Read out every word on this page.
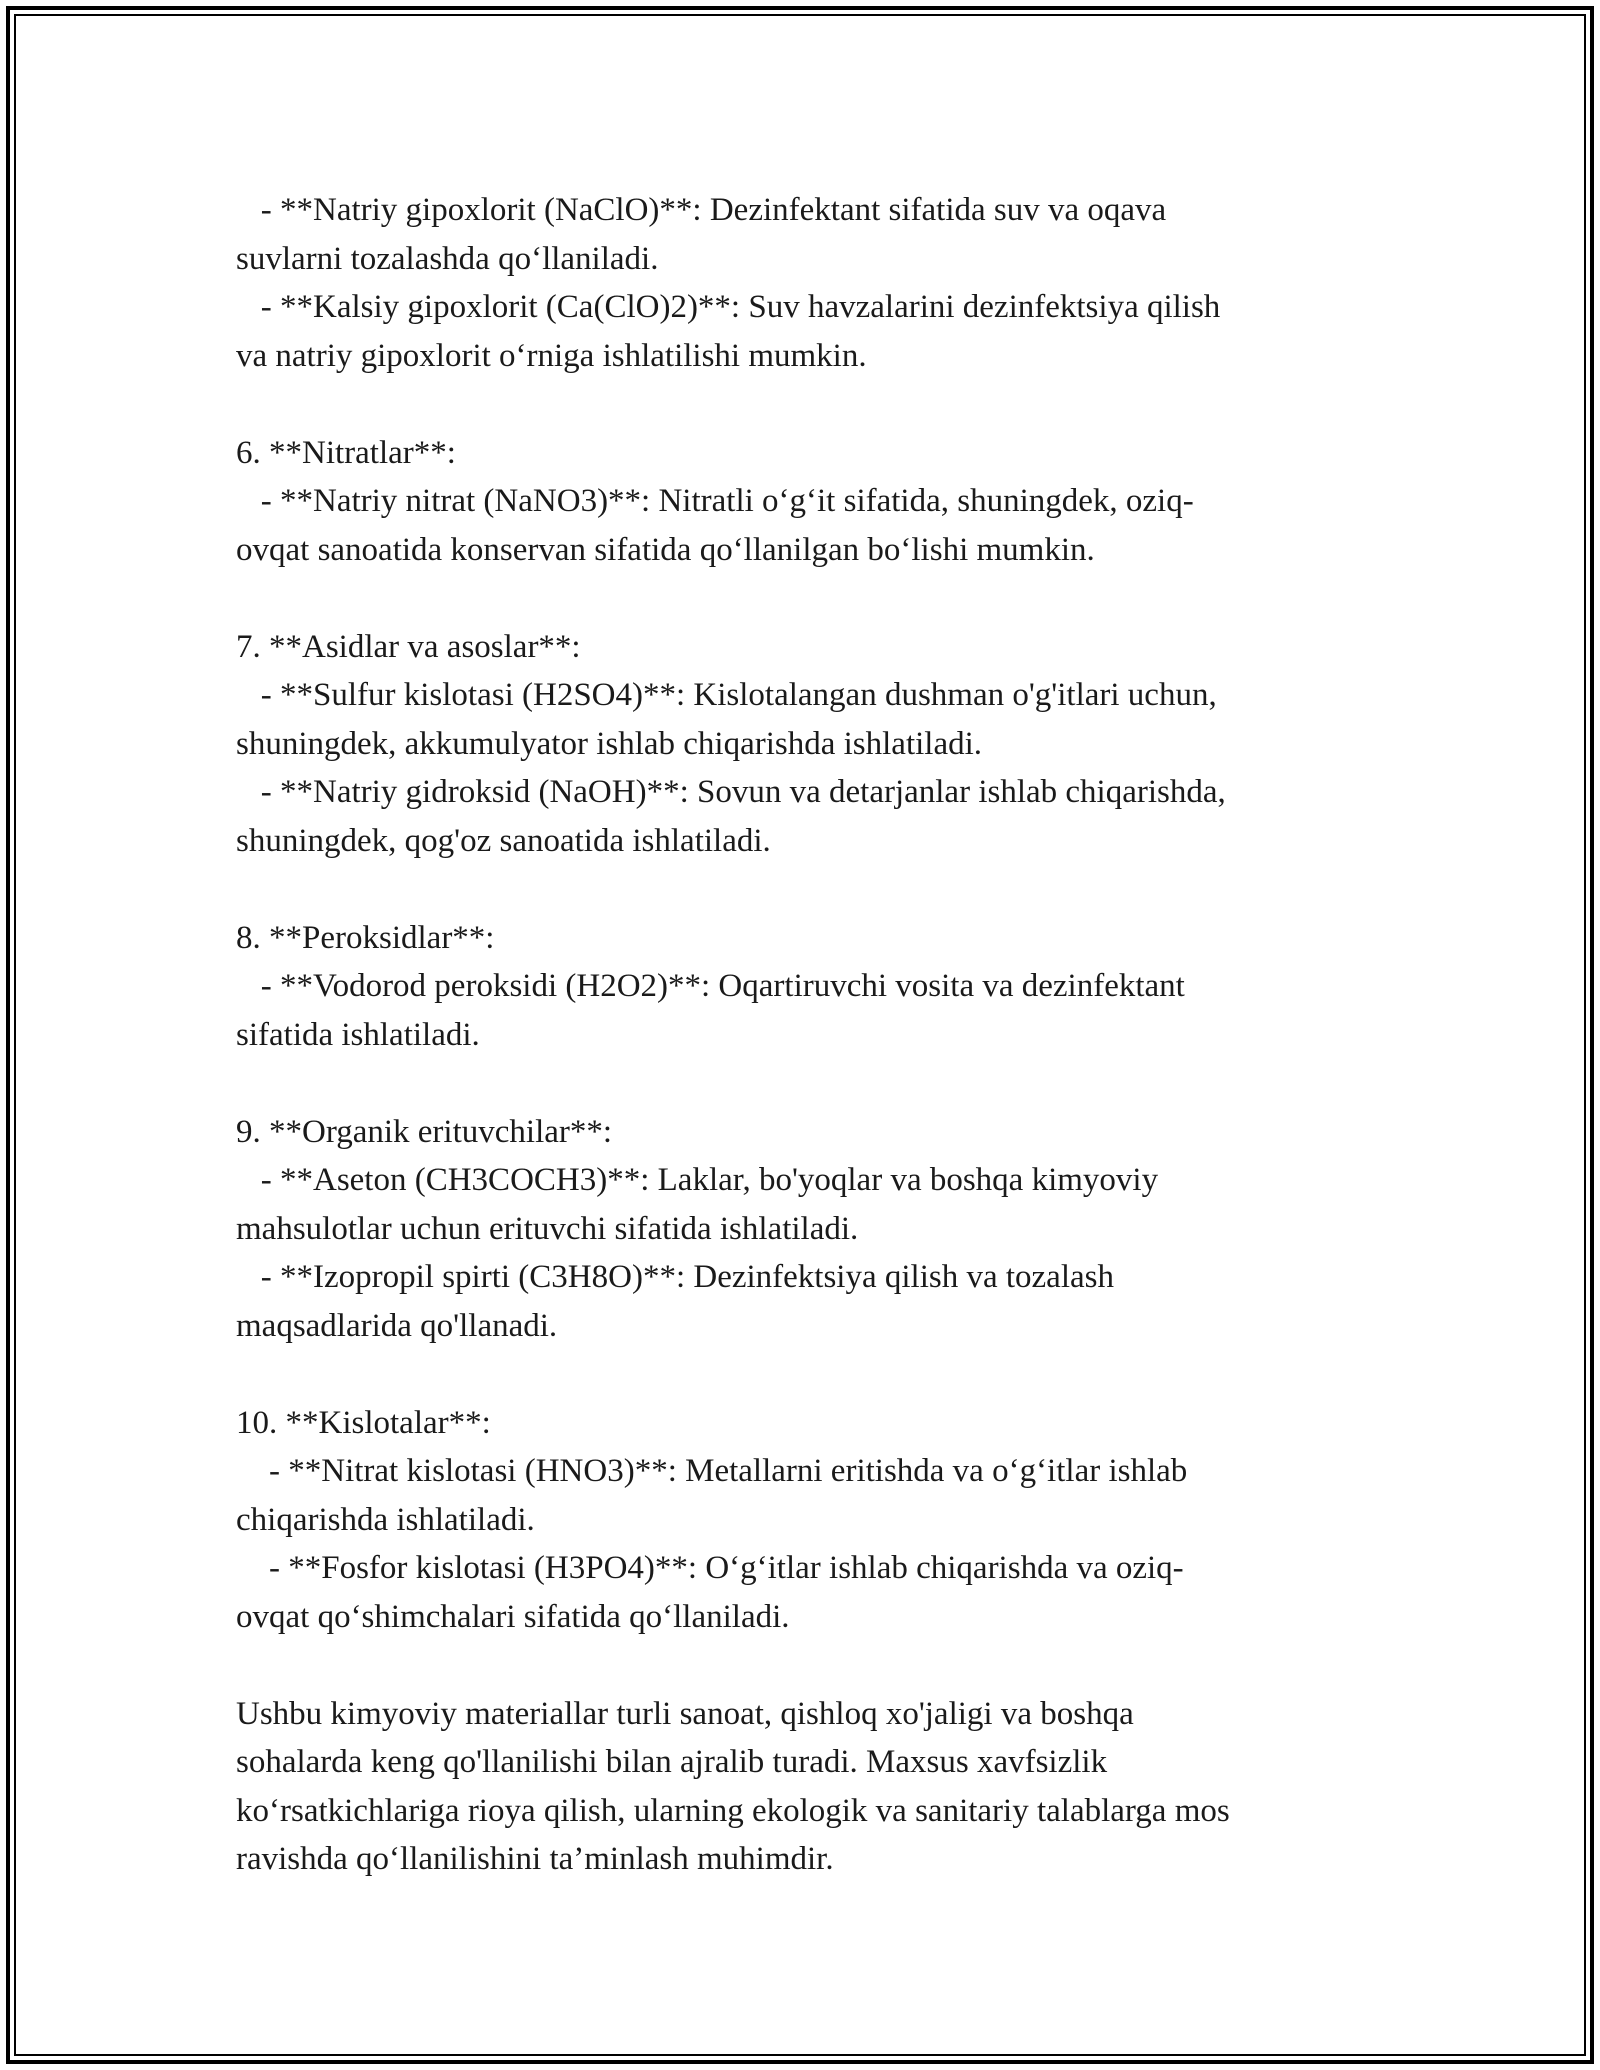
- **Natriy gipoxlorit (NaClO)**: Dezinfektant sifatida suv va oqava
suvlarni tozalashda qo‘llaniladi.
- **Kalsiy gipoxlorit (Ca(ClO)2)**: Suv havzalarini dezinfektsiya qilish
va natriy gipoxlorit o‘rniga ishlatilishi mumkin.
6. **Nitratlar**:
- **Natriy nitrat (NaNO3)**: Nitratli o‘g‘it sifatida, shuningdek, oziq-
ovqat sanoatida konservan sifatida qo‘llanilgan bo‘lishi mumkin.
7. **Asidlar va asoslar**:
- **Sulfur kislotasi (H2SO4)**: Kislotalangan dushman o'g'itlari uchun,
shuningdek, akkumulyator ishlab chiqarishda ishlatiladi.
- **Natriy gidroksid (NaOH)**: Sovun va detarjanlar ishlab chiqarishda,
shuningdek, qog'oz sanoatida ishlatiladi.
8. **Peroksidlar**:
- **Vodorod peroksidi (H2O2)**: Oqartiruvchi vosita va dezinfektant
sifatida ishlatiladi.
9. **Organik erituvchilar**:
- **Aseton (CH3COCH3)**: Laklar, bo'yoqlar va boshqa kimyoviy
mahsulotlar uchun erituvchi sifatida ishlatiladi.
- **Izopropil spirti (C3H8O)**: Dezinfektsiya qilish va tozalash
maqsadlarida qo'llanadi.
10. **Kislotalar**:
- **Nitrat kislotasi (HNO3)**: Metallarni eritishda va o‘g‘itlar ishlab
chiqarishda ishlatiladi.
- **Fosfor kislotasi (H3PO4)**: O‘g‘itlar ishlab chiqarishda va oziq-
ovqat qo‘shimchalari sifatida qo‘llaniladi.
Ushbu kimyoviy materiallar turli sanoat, qishloq xo'jaligi va boshqa
sohalarda keng qo'llanilishi bilan ajralib turadi. Maxsus xavfsizlik
ko‘rsatkichlariga rioya qilish, ularning ekologik va sanitariy talablarga mos
ravishda qo‘llanilishini ta’minlash muhimdir.
